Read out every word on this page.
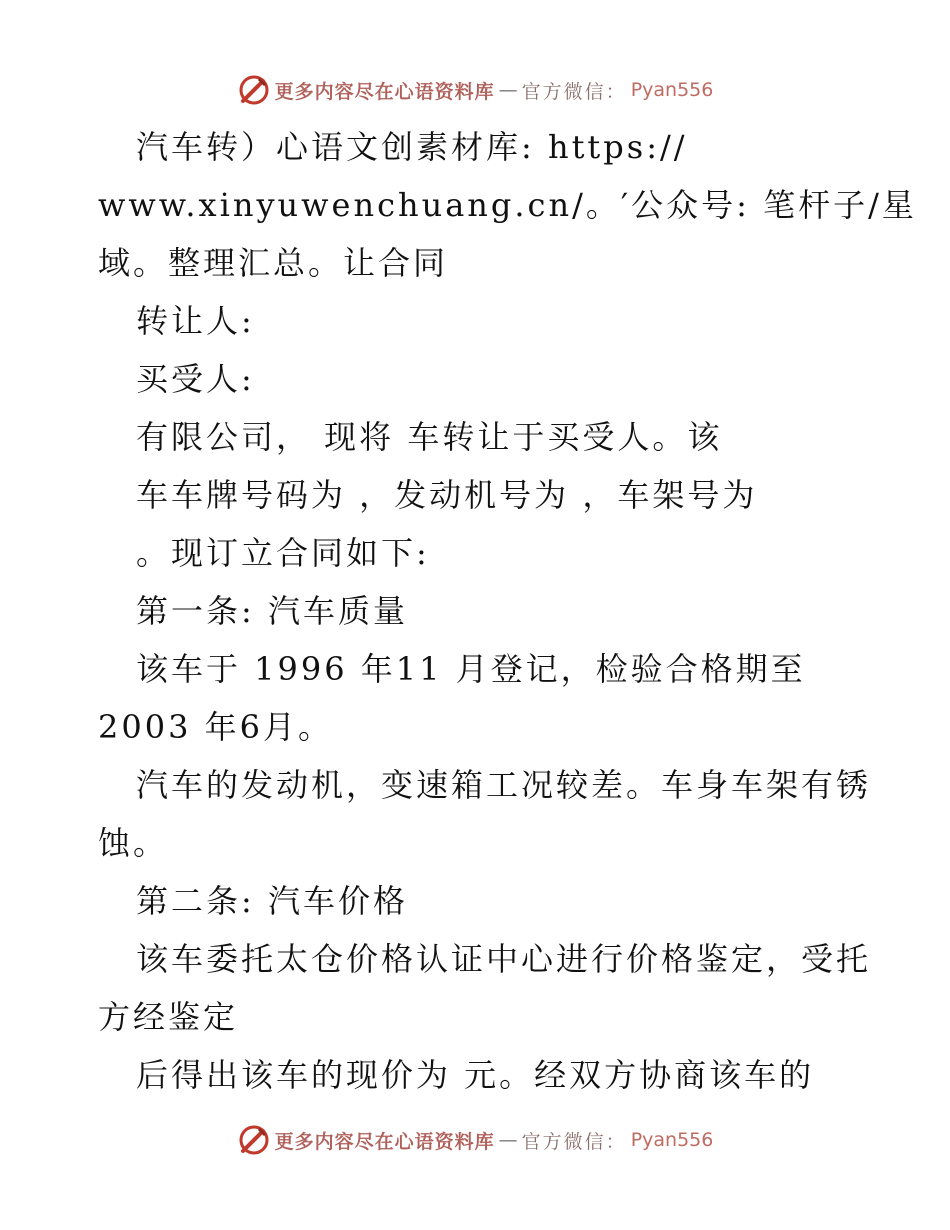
更多内容尽在心语资料库 — 官方微信： Pyan556

汽车转）心语文创素材库: https://

www.xinyuwenchuang.cn/。′公众号: 笔杆子/星

域。整理汇总。让合同

转让人:

买受人:

有限公司， 现将 车转让于买受人。该

车车牌号码为 ，发动机号为 ，车架号为

。现订立合同如下:

第一条: 汽车质量

该车于 1996 年11 月登记，检验合格期至

2003 年6月。

汽车的发动机，变速箱工况较差。车身车架有锈

蚀。

第二条: 汽车价格

该车委托太仓价格认证中心进行价格鉴定，受托

方经鉴定

后得出该车的现价为 元。经双方协商该车的

更多内容尽在心语资料库 — 官方微信： Pyan556
